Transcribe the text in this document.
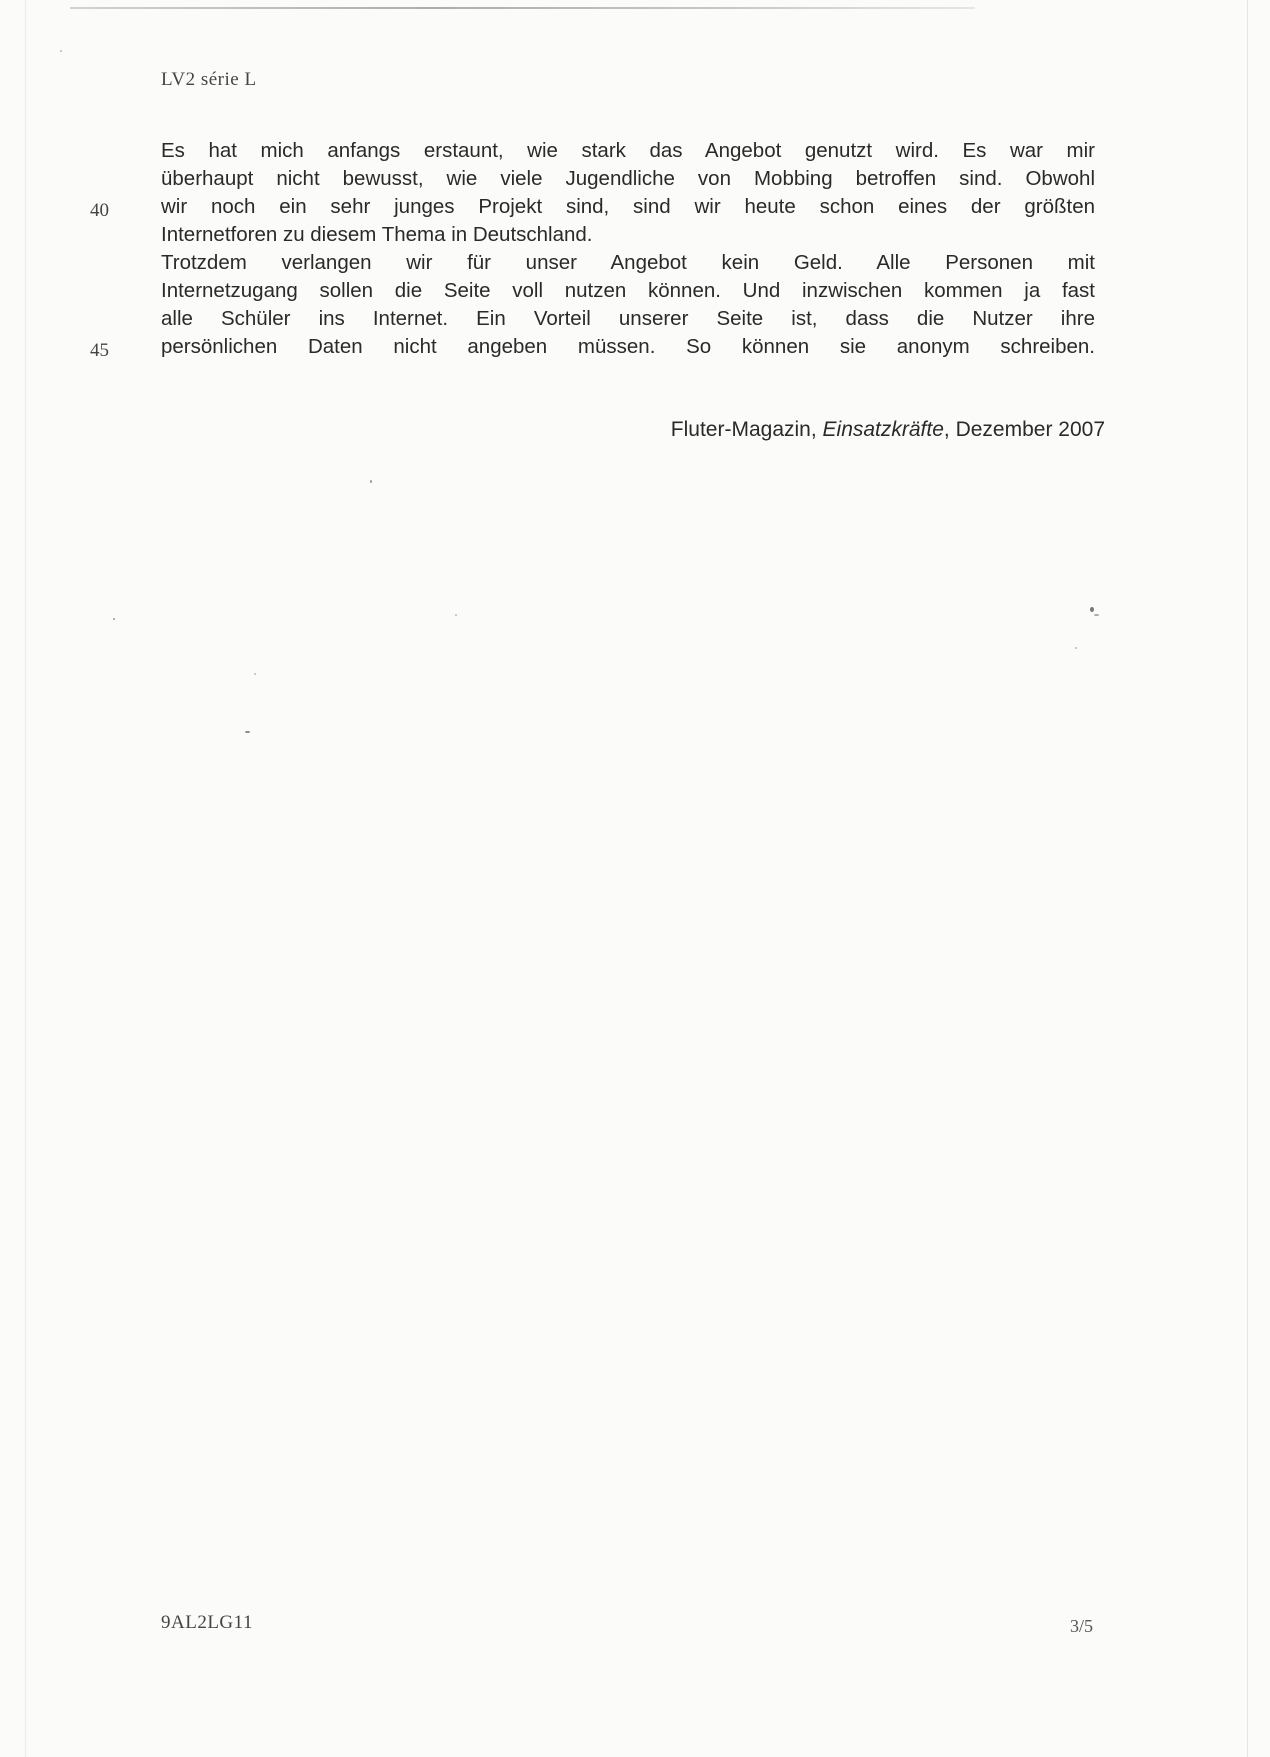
LV2 série L
40
45
Es hat mich anfangs erstaunt, wie stark das Angebot genutzt wird. Es war mir
überhaupt nicht bewusst, wie viele Jugendliche von Mobbing betroffen sind. Obwohl
wir noch ein sehr junges Projekt sind, sind wir heute schon eines der größten
Internetforen zu diesem Thema in Deutschland.
Trotzdem verlangen wir für unser Angebot kein Geld. Alle Personen mit
Internetzugang sollen die Seite voll nutzen können. Und inzwischen kommen ja fast
alle Schüler ins Internet. Ein Vorteil unserer Seite ist, dass die Nutzer ihre
persönlichen Daten nicht angeben müssen. So können sie anonym schreiben.
Fluter-Magazin, Einsatzkräfte, Dezember 2007
9AL2LG11	3/5
